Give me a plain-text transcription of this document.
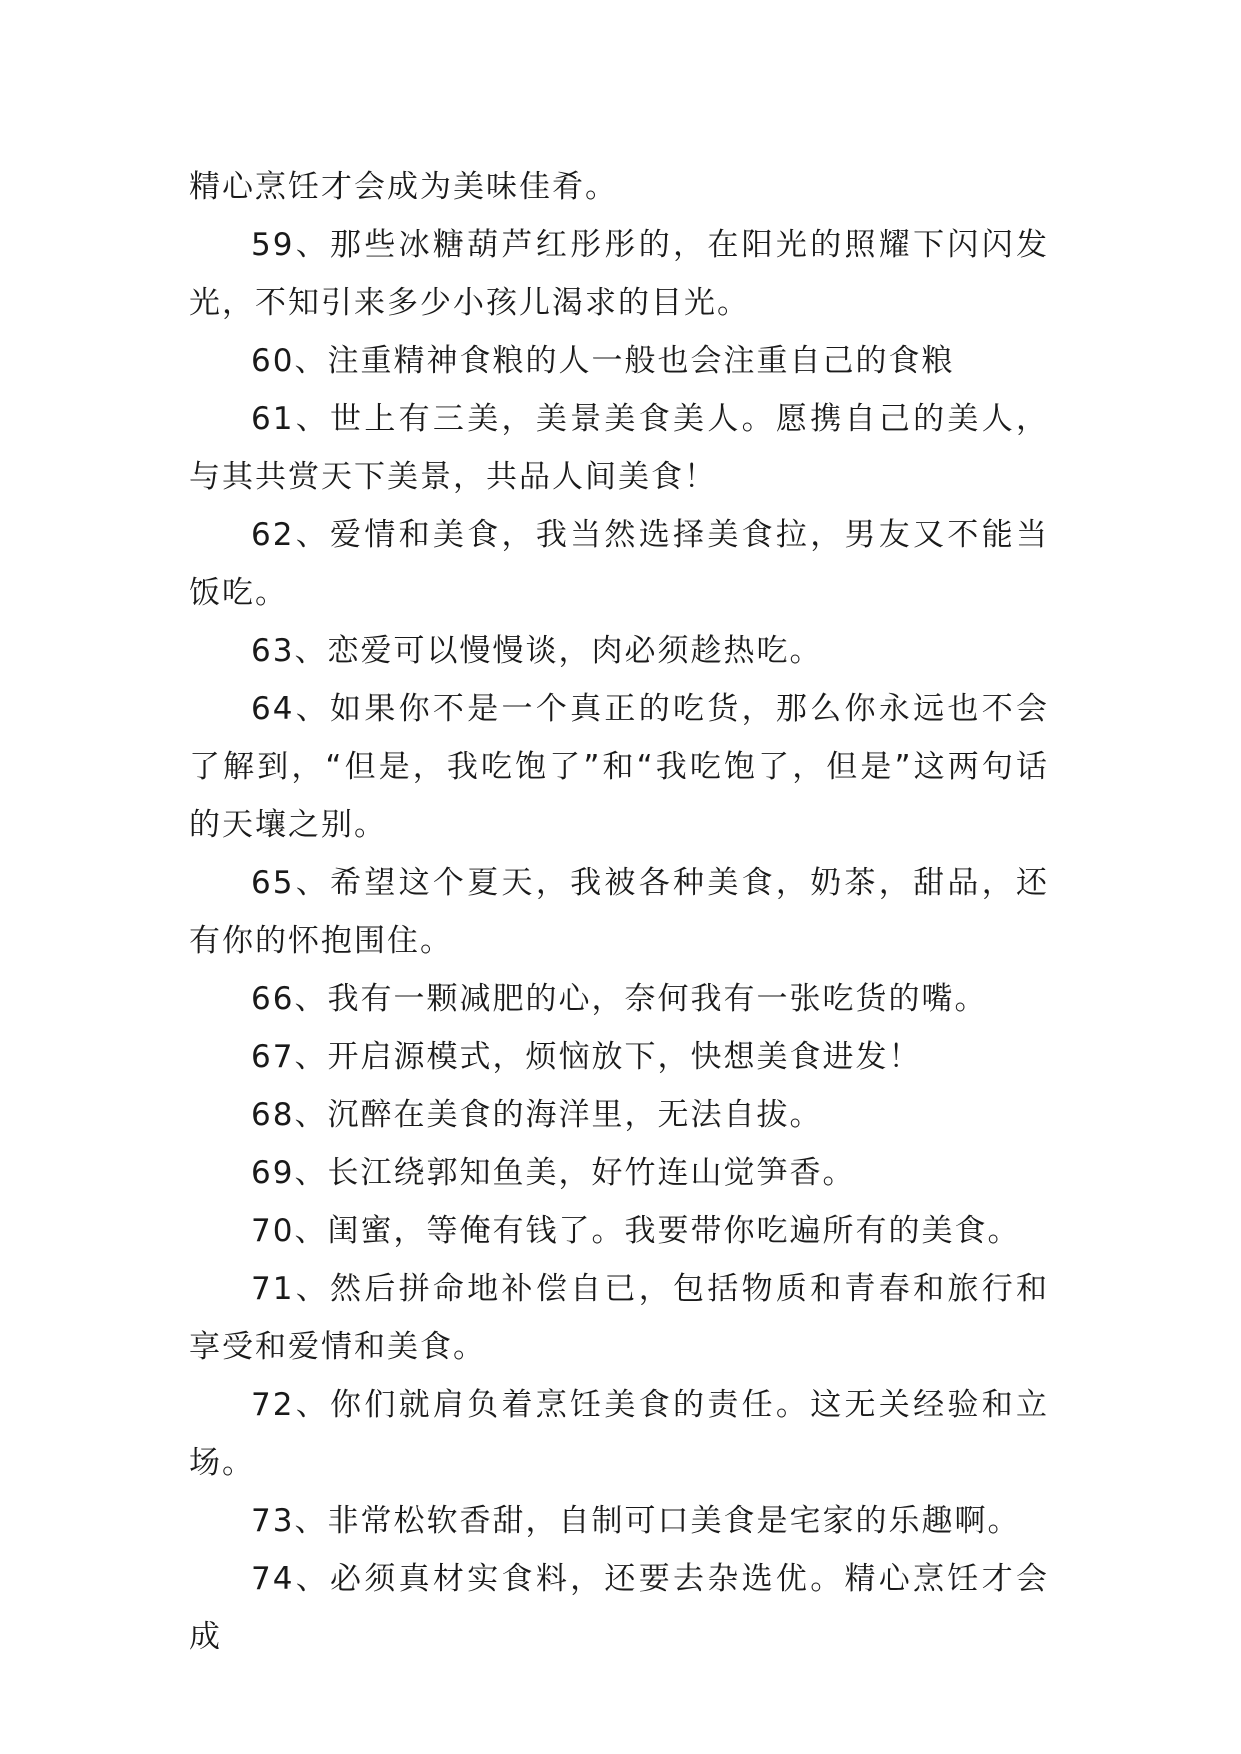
精心烹饪才会成为美味佳肴。

59、那些冰糖葫芦红彤彤的，在阳光的照耀下闪闪发光，不知引来多少小孩儿渴求的目光。

60、注重精神食粮的人一般也会注重自己的食粮

61、世上有三美，美景美食美人。愿携自己的美人，与其共赏天下美景，共品人间美食！

62、爱情和美食，我当然选择美食拉，男友又不能当饭吃。

63、恋爱可以慢慢谈，肉必须趁热吃。

64、如果你不是一个真正的吃货，那么你永远也不会了解到，“但是，我吃饱了”和“我吃饱了，但是”这两句话的天壤之别。

65、希望这个夏天，我被各种美食，奶茶，甜品，还有你的怀抱围住。

66、我有一颗减肥的心，奈何我有一张吃货的嘴。

67、开启源模式，烦恼放下，快想美食进发！

68、沉醉在美食的海洋里，无法自拔。

69、长江绕郭知鱼美，好竹连山觉笋香。

70、闺蜜，等俺有钱了。我要带你吃遍所有的美食。

71、然后拼命地补偿自已，包括物质和青春和旅行和享受和爱情和美食。

72、你们就肩负着烹饪美食的责任。这无关经验和立场。

73、非常松软香甜，自制可口美食是宅家的乐趣啊。

74、必须真材实食料，还要去杂选优。精心烹饪才会成
